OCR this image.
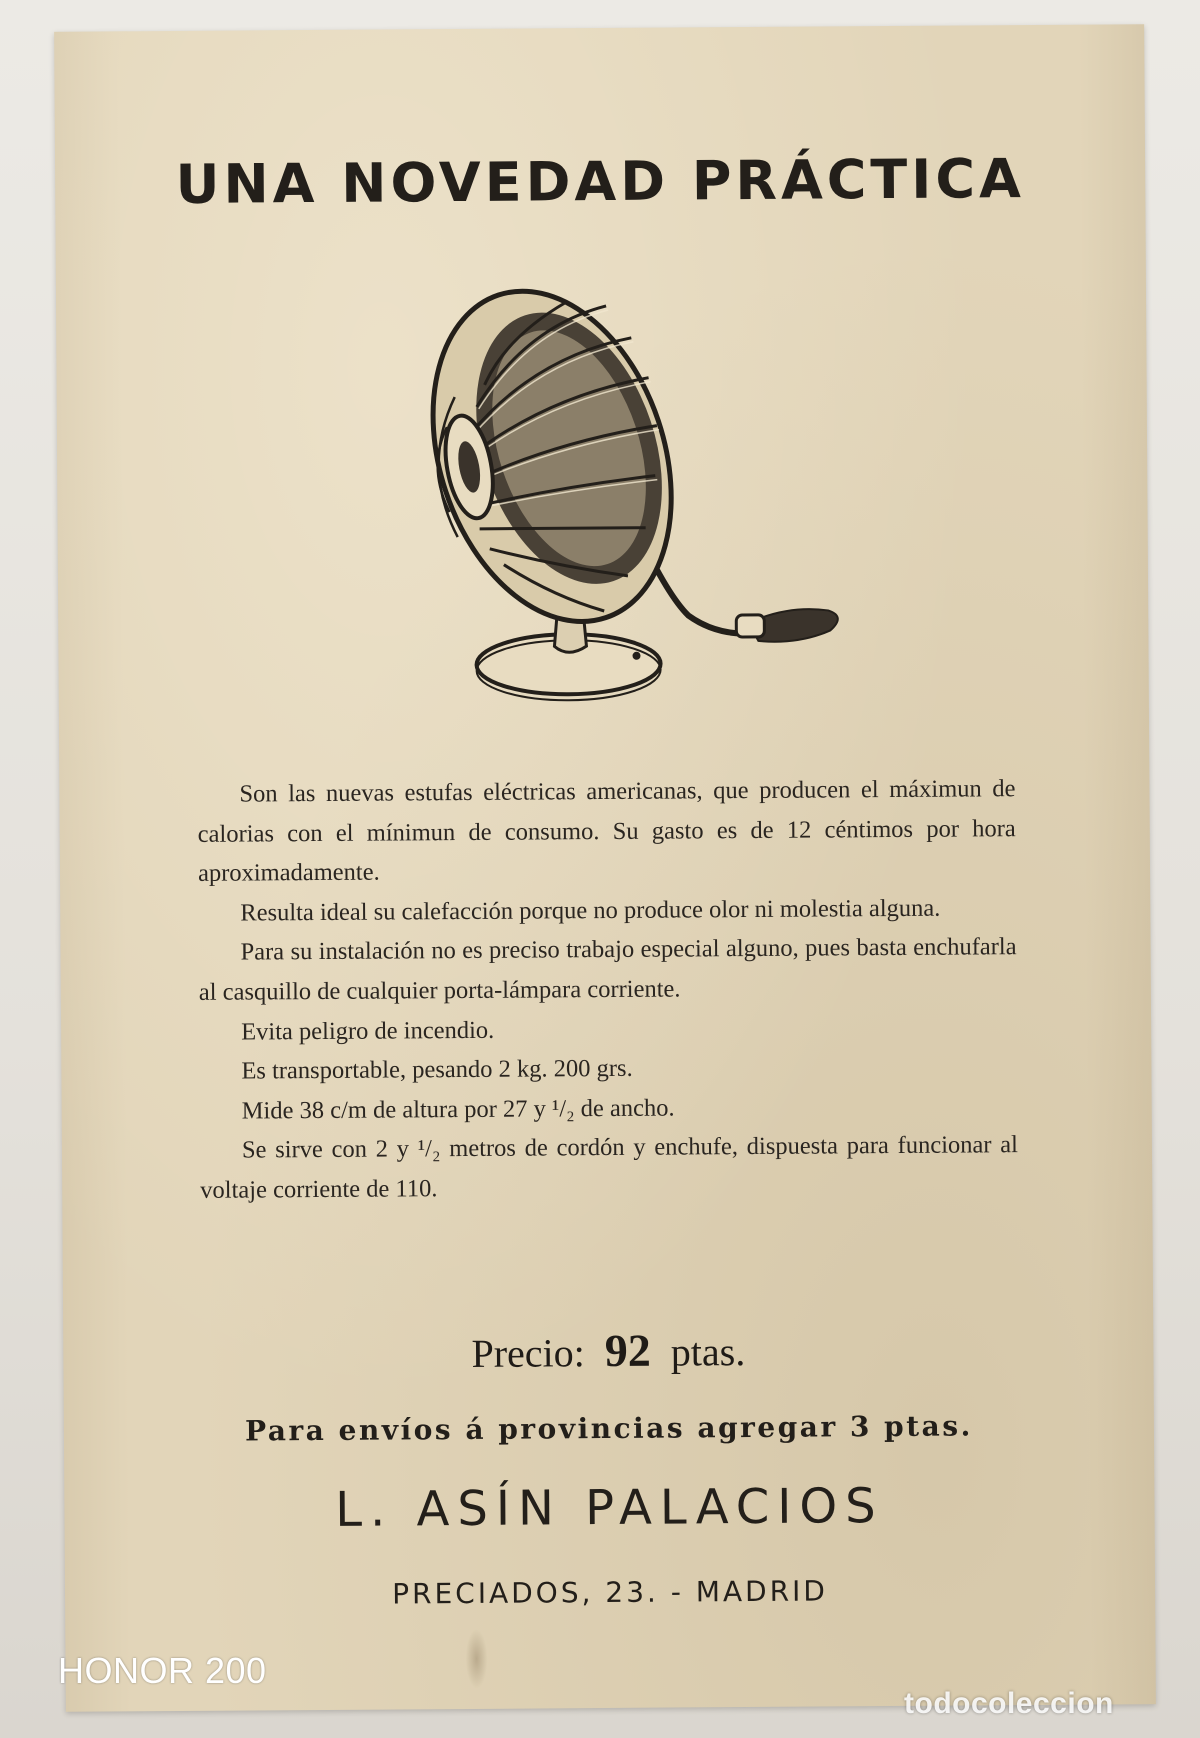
UNA NOVEDAD PRÁCTICA

Son las nuevas estufas eléctricas americanas, que producen el máximun de calorias con el mínimun de consumo. Su gasto es de 12 céntimos por hora aproximadamente.

Resulta ideal su calefacción porque no produce olor ni molestia alguna.

Para su instalación no es preciso trabajo especial alguno, pues basta enchufarla al casquillo de cualquier porta-lámpara corriente.

Evita peligro de incendio.

Es transportable, pesando 2 kg. 200 grs.

Mide 38 c/m de altura por 27 y ¹/₂ de ancho.

Se sirve con 2 y ¹/₂ metros de cordón y enchufe, dispuesta para funcionar al voltaje corriente de 110.

Precio: 92 ptas.
Para envíos á provincias agregar 3 ptas.
L. ASÍN PALACIOS
PRECIADOS, 23. - MADRID
HONOR 200
todocoleccion
